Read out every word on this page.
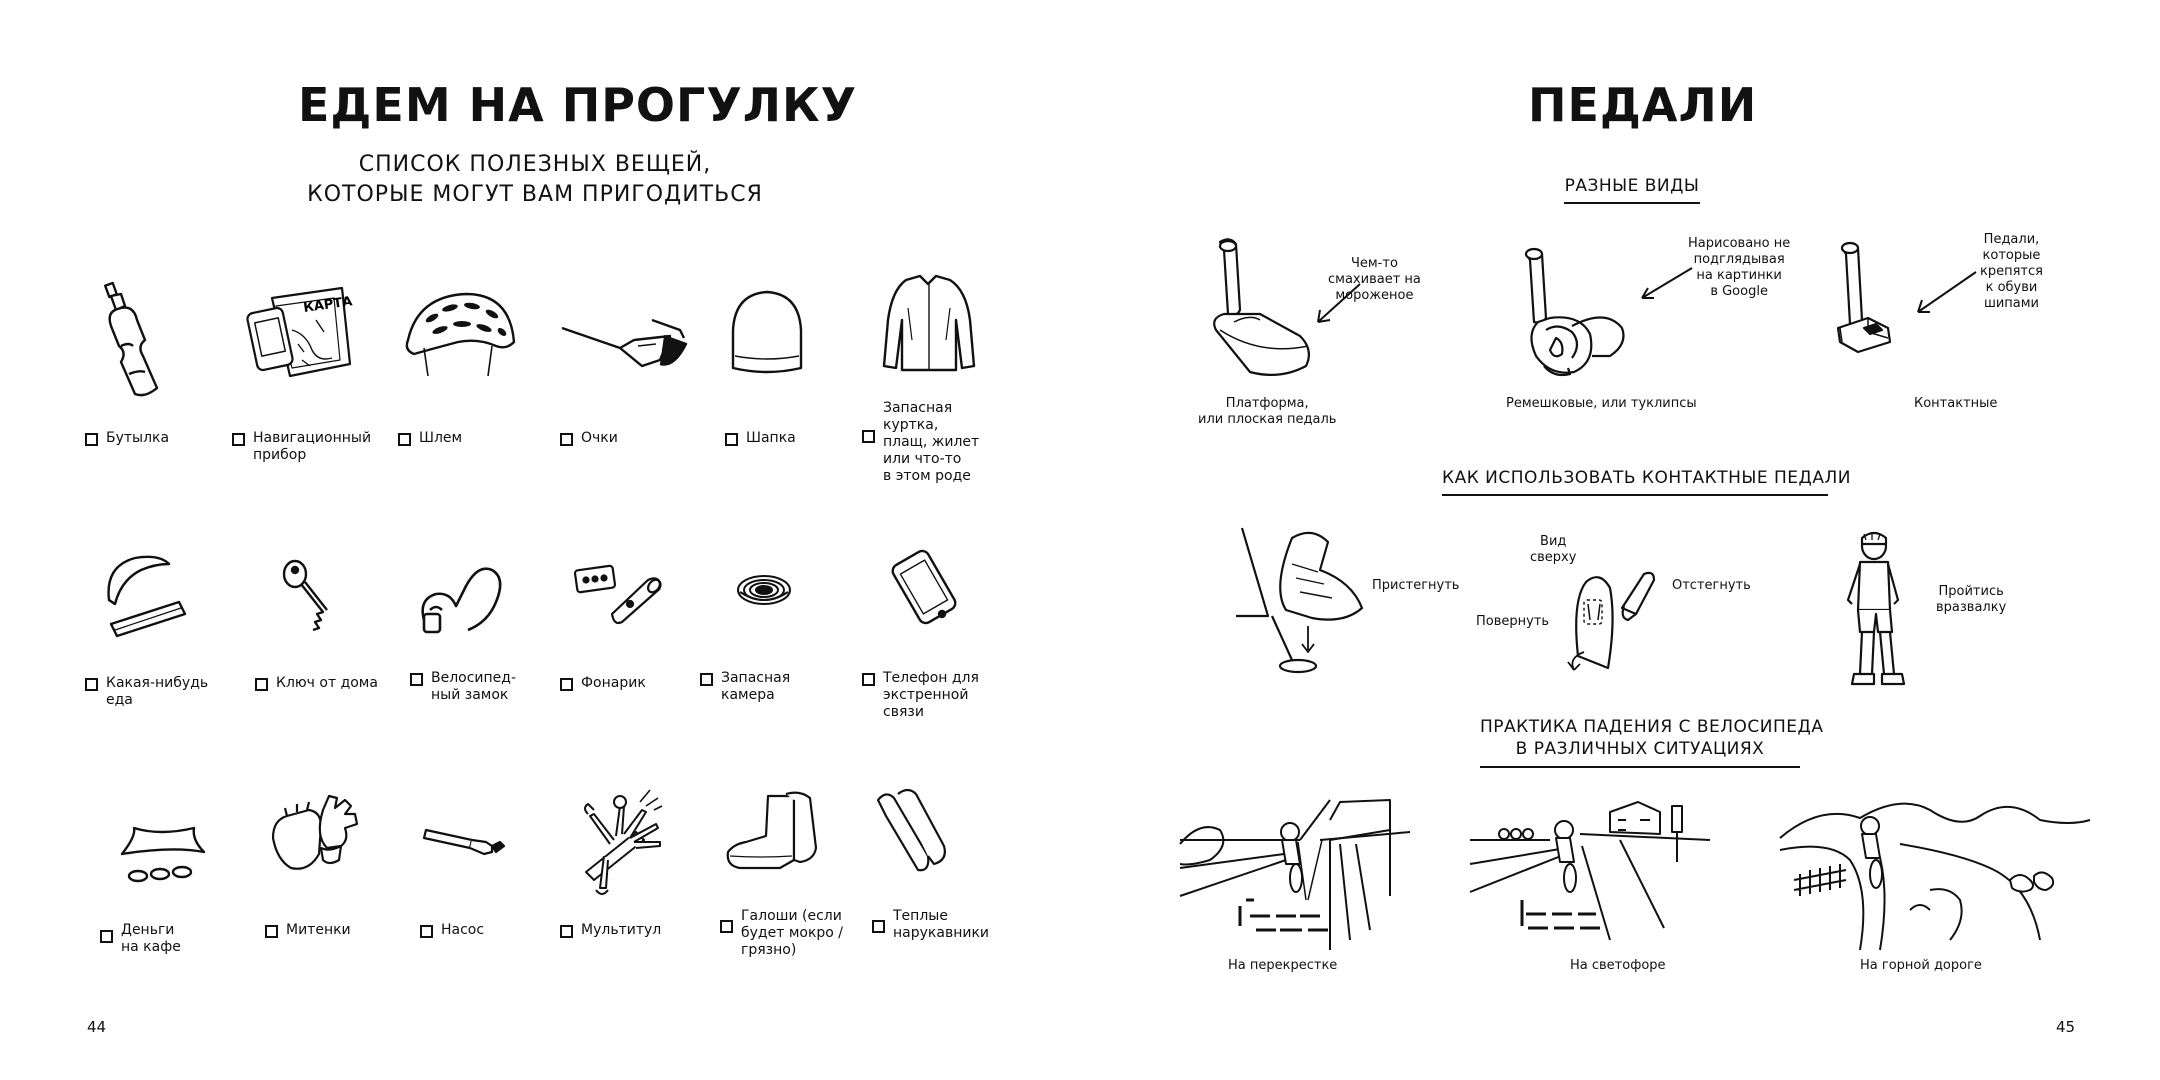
ЕДЕМ НА ПРОГУЛКУ
СПИСОК ПОЛЕЗНЫХ ВЕЩЕЙ,
КОТОРЫЕ МОГУТ ВАМ ПРИГОДИТЬСЯ
Бутылка
КАРТА
Навигационный
прибор
Шлем	Очки	Шапка
Запасная
куртка,
плащ, жилет
или что-то
в этом роде
Какая-нибудь
еда
Ключ от дома	Велосипед-
ный замок
Фонарик	Запасная
камера
Телефон для
экстренной
связи
Деньги
на кафе
Митенки	Насос	Мультитул
Галоши (если
будет мокро /
грязно)
Теплые
нарукавники
44
ПЕДАЛИ
РАЗНЫЕ ВИДЫ
Чем-то
смахивает на
мороженое
Платформа,
или плоская педаль
Нарисовано не
подглядывая
на картинки
в Google
Ремешковые, или туклипсы
Педали,
которые
крепятся
к обуви
шипами
Контактные
КАК ИСПОЛЬЗОВАТЬ КОНТАКТНЫЕ ПЕДАЛИ
Пристегнуть
Вид
сверху
Отстегнуть
Повернуть
Пройтись
вразвалку
ПРАКТИКА ПАДЕНИЯ С ВЕЛОСИПЕДА
В РАЗЛИЧНЫХ СИТУАЦИЯХ
На перекрестке	На светофоре	На горной дороге
45
